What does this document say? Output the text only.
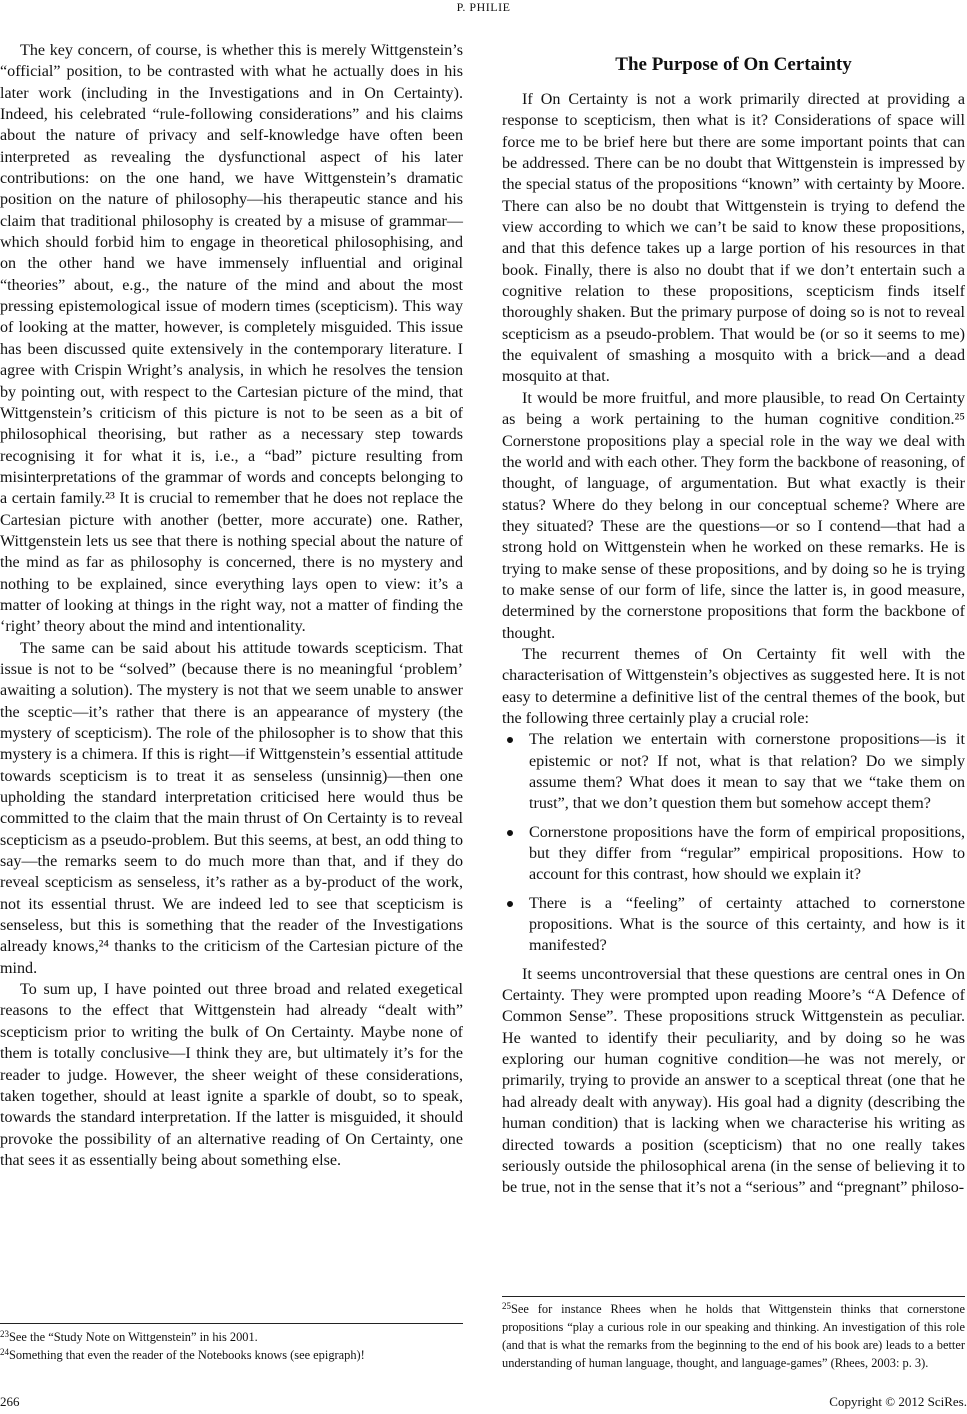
P. PHILIE

The key concern, of course, is whether this is merely Wittgenstein’s “official” position, to be contrasted with what he actually does in his later work (including in the Investigations and in On Certainty). Indeed, his celebrated “rule-following considerations” and his claims about the nature of privacy and self-knowledge have often been interpreted as revealing the dysfunctional aspect of his later contributions: on the one hand, we have Wittgenstein’s dramatic position on the nature of philosophy—his therapeutic stance and his claim that traditional philosophy is created by a misuse of grammar—which should forbid him to engage in theoretical philosophising, and on the other hand we have immensely influential and original “theories” about, e.g., the nature of the mind and about the most pressing epistemological issue of modern times (scepticism). This way of looking at the matter, however, is completely misguided. This issue has been discussed quite extensively in the contemporary literature. I agree with Crispin Wright’s analysis, in which he resolves the tension by pointing out, with respect to the Cartesian picture of the mind, that Wittgenstein’s criticism of this picture is not to be seen as a bit of philosophical theorising, but rather as a necessary step towards recognising it for what it is, i.e., a “bad” picture resulting from misinterpretations of the grammar of words and concepts belonging to a certain family.²³ It is crucial to remember that he does not replace the Cartesian picture with another (better, more accurate) one. Rather, Wittgenstein lets us see that there is nothing special about the nature of the mind as far as philosophy is concerned, there is no mystery and nothing to be explained, since everything lays open to view: it’s a matter of looking at things in the right way, not a matter of finding the ‘right’ theory about the mind and intentionality.

The same can be said about his attitude towards scepticism. That issue is not to be “solved” (because there is no meaningful ‘problem’ awaiting a solution). The mystery is not that we seem unable to answer the sceptic—it’s rather that there is an appearance of mystery (the mystery of scepticism). The role of the philosopher is to show that this mystery is a chimera. If this is right—if Wittgenstein’s essential attitude towards scepticism is to treat it as senseless (unsinnig)—then one upholding the standard interpretation criticised here would thus be committed to the claim that the main thrust of On Certainty is to reveal scepticism as a pseudo-problem. But this seems, at best, an odd thing to say—the remarks seem to do much more than that, and if they do reveal scepticism as senseless, it’s rather as a by-product of the work, not its essential thrust. We are indeed led to see that scepticism is senseless, but this is something that the reader of the Investigations already knows,²⁴ thanks to the criticism of the Cartesian picture of the mind.

To sum up, I have pointed out three broad and related exegetical reasons to the effect that Wittgenstein had already “dealt with” scepticism prior to writing the bulk of On Certainty. Maybe none of them is totally conclusive—I think they are, but ultimately it’s for the reader to judge. However, the sheer weight of these considerations, taken together, should at least ignite a sparkle of doubt, so to speak, towards the standard interpretation. If the latter is misguided, it should provoke the possibility of an alternative reading of On Certainty, one that sees it as essentially being about something else.

The Purpose of On Certainty

If On Certainty is not a work primarily directed at providing a response to scepticism, then what is it? Considerations of space will force me to be brief here but there are some important points that can be addressed. There can be no doubt that Wittgenstein is impressed by the special status of the propositions “known” with certainty by Moore. There can also be no doubt that Wittgenstein is trying to defend the view according to which we can’t be said to know these propositions, and that this defence takes up a large portion of his resources in that book. Finally, there is also no doubt that if we don’t entertain such a cognitive relation to these propositions, scepticism finds itself thoroughly shaken. But the primary purpose of doing so is not to reveal scepticism as a pseudo-problem. That would be (or so it seems to me) the equivalent of smashing a mosquito with a brick—and a dead mosquito at that.

It would be more fruitful, and more plausible, to read On Certainty as being a work pertaining to the human cognitive condition.²⁵ Cornerstone propositions play a special role in the way we deal with the world and with each other. They form the backbone of reasoning, of thought, of language, of argumentation. But what exactly is their status? Where do they belong in our conceptual scheme? Where are they situated? These are the questions—or so I contend—that had a strong hold on Wittgenstein when he worked on these remarks. He is trying to make sense of these propositions, and by doing so he is trying to make sense of our form of life, since the latter is, in good measure, determined by the cornerstone propositions that form the backbone of thought.

The recurrent themes of On Certainty fit well with the characterisation of Wittgenstein’s objectives as suggested here. It is not easy to determine a definitive list of the central themes of the book, but the following three certainly play a crucial role:

The relation we entertain with cornerstone propositions—is it epistemic or not? If not, what is that relation? Do we simply assume them? What does it mean to say that we “take them on trust”, that we don’t question them but somehow accept them?
Cornerstone propositions have the form of empirical propositions, but they differ from “regular” empirical propositions. How to account for this contrast, how should we explain it?
There is a “feeling” of certainty attached to cornerstone propositions. What is the source of this certainty, and how is it manifested?

It seems uncontroversial that these questions are central ones in On Certainty. They were prompted upon reading Moore’s “A Defence of Common Sense”. These propositions struck Wittgenstein as peculiar. He wanted to identify their peculiarity, and by doing so he was exploring our human cognitive condition—he was not merely, or primarily, trying to provide an answer to a sceptical threat (one that he had already dealt with anyway). His goal had a dignity (describing the human condition) that is lacking when we characterise his writing as directed towards a position (scepticism) that no one really takes seriously outside the philosophical arena (in the sense of believing it to be true, not in the sense that it’s not a “serious” and “pregnant” philoso-

$^{23}$See the “Study Note on Wittgenstein” in his 2001.

$^{24}$Something that even the reader of the Notebooks knows (see epigraph)!

$^{25}$See for instance Rhees when he holds that Wittgenstein thinks that cornerstone propositions “play a curious role in our speaking and thinking. An investigation of this role (and that is what the remarks from the beginning to the end of his book are) leads to a better understanding of human language, thought, and language-games” (Rhees, 2003: p. 3).

266	Copyright © 2012 SciRes.
